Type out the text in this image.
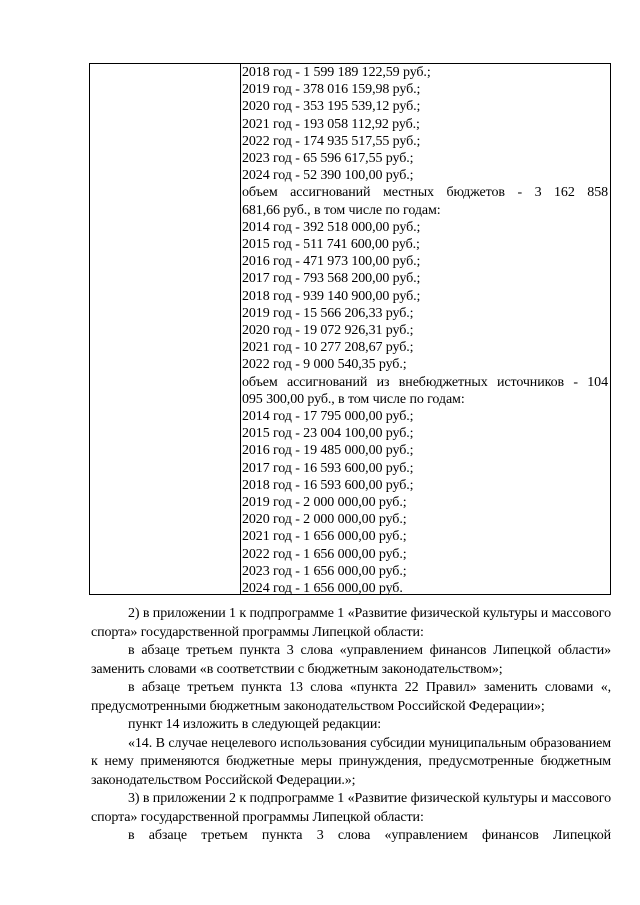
2018 год - 1 599 189 122,59 руб.;
2019 год - 378 016 159,98 руб.;
2020 год - 353 195 539,12 руб.;
2021 год - 193 058 112,92 руб.;
2022 год - 174 935 517,55 руб.;
2023 год - 65 596 617,55 руб.;
2024 год - 52 390 100,00 руб.;
объем ассигнований местных бюджетов - 3 162 858
681,66 руб., в том числе по годам:
2014 год - 392 518 000,00 руб.;
2015 год - 511 741 600,00 руб.;
2016 год - 471 973 100,00 руб.;
2017 год - 793 568 200,00 руб.;
2018 год - 939 140 900,00 руб.;
2019 год - 15 566 206,33 руб.;
2020 год - 19 072 926,31 руб.;
2021 год - 10 277 208,67 руб.;
2022 год - 9 000 540,35 руб.;
объем ассигнований из внебюджетных источников - 104
095 300,00 руб., в том числе по годам:
2014 год - 17 795 000,00 руб.;
2015 год - 23 004 100,00 руб.;
2016 год - 19 485 000,00 руб.;
2017 год - 16 593 600,00 руб.;
2018 год - 16 593 600,00 руб.;
2019 год - 2 000 000,00 руб.;
2020 год - 2 000 000,00 руб.;
2021 год - 1 656 000,00 руб.;
2022 год - 1 656 000,00 руб.;
2023 год - 1 656 000,00 руб.;
2024 год - 1 656 000,00 руб.

2) в приложении 1 к подпрограмме 1 «Развитие физической культуры и массового спорта» государственной программы Липецкой области:

в абзаце третьем пункта 3 слова «управлением финансов Липецкой области» заменить словами «в соответствии с бюджетным законодательством»;

в абзаце третьем пункта 13 слова «пункта 22 Правил» заменить словами «, предусмотренными бюджетным законодательством Российской Федерации»;

пункт 14 изложить в следующей редакции:

«14. В случае нецелевого использования субсидии муниципальным образованием к нему применяются бюджетные меры принуждения, предусмотренные бюджетным законодательством Российской Федерации.»;

3) в приложении 2 к подпрограмме 1 «Развитие физической культуры и массового спорта» государственной программы Липецкой области:

в абзаце третьем пункта 3 слова «управлением финансов Липецкой
